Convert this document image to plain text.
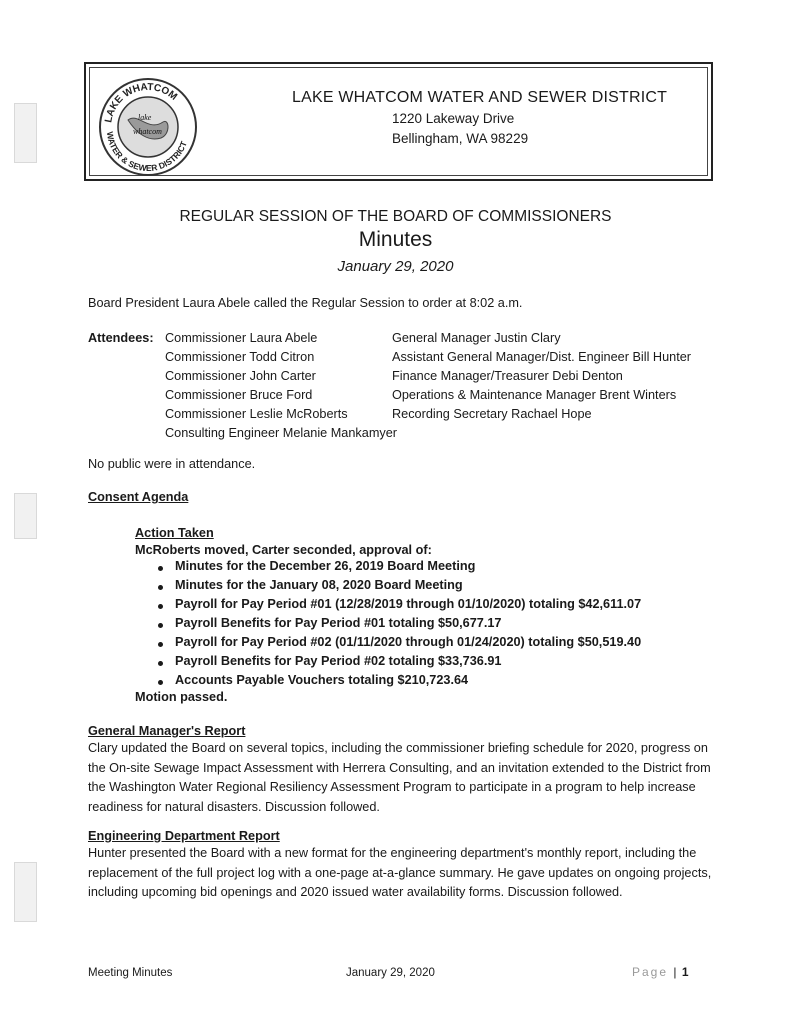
LAKE WHATCOM
WATER & SEWER DISTRICT
lake
whatcom
LAKE WHATCOM WATER AND SEWER DISTRICT
1220 Lakeway Drive
Bellingham, WA 98229
REGULAR SESSION OF THE BOARD OF COMMISSIONERS
Minutes
January 29, 2020
Board President Laura Abele called the Regular Session to order at 8:02 a.m.
Attendees: Commissioner Laura Abele
Commissioner Todd Citron
Commissioner John Carter
Commissioner Bruce Ford
Commissioner Leslie McRoberts
General Manager Justin Clary
Assistant General Manager/Dist. Engineer Bill Hunter
Finance Manager/Treasurer Debi Denton
Operations & Maintenance Manager Brent Winters
Recording Secretary Rachael Hope
Consulting Engineer Melanie Mankamyer
No public were in attendance.
Consent Agenda
Action Taken
McRoberts moved, Carter seconded, approval of:
Minutes for the December 26, 2019 Board Meeting
Minutes for the January 08, 2020 Board Meeting
Payroll for Pay Period #01 (12/28/2019 through 01/10/2020) totaling $42,611.07
Payroll Benefits for Pay Period #01 totaling $50,677.17
Payroll for Pay Period #02 (01/11/2020 through 01/24/2020) totaling $50,519.40
Payroll Benefits for Pay Period #02 totaling $33,736.91
Accounts Payable Vouchers totaling $210,723.64
Motion passed.
General Manager's Report
Clary updated the Board on several topics, including the commissioner briefing schedule for 2020, progress on the On-site Sewage Impact Assessment with Herrera Consulting, and an invitation extended to the District from the Washington Water Regional Resiliency Assessment Program to participate in a program to help increase readiness for natural disasters. Discussion followed.
Engineering Department Report
Hunter presented the Board with a new format for the engineering department's monthly report, including the replacement of the full project log with a one-page at-a-glance summary. He gave updates on ongoing projects, including upcoming bid openings and 2020 issued water availability forms. Discussion followed.
Meeting Minutes	January 29, 2020	Page | 1
